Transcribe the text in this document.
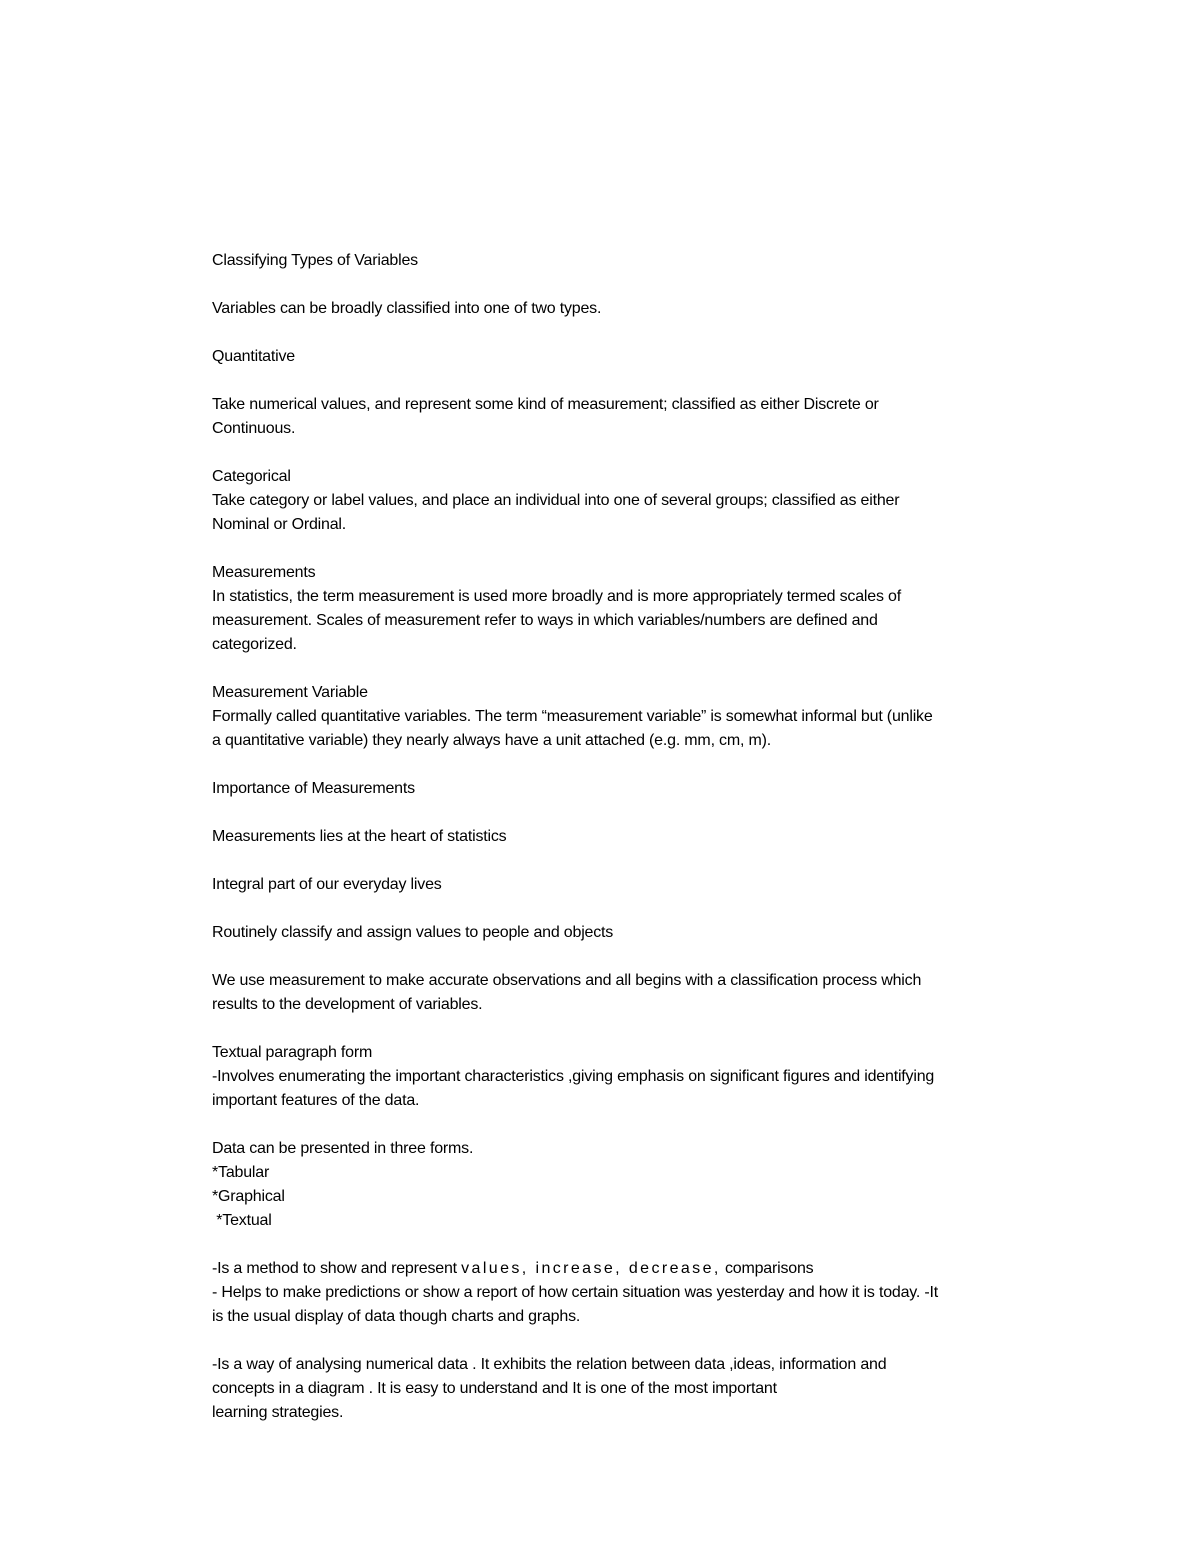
Classifying Types of Variables
Variables can be broadly classified into one of two types.
Quantitative
Take numerical values, and represent some kind of measurement; classified as either Discrete or
Continuous.
Categorical
Take category or label values, and place an individual into one of several groups; classified as either
Nominal or Ordinal.
Measurements
In statistics, the term measurement is used more broadly and is more appropriately termed scales of
measurement. Scales of measurement refer to ways in which variables/numbers are defined and
categorized.
Measurement Variable
Formally called quantitative variables. The term “measurement variable” is somewhat informal but (unlike
a quantitative variable) they nearly always have a unit attached (e.g. mm, cm, m).
Importance of Measurements
Measurements lies at the heart of statistics
Integral part of our everyday lives
Routinely classify and assign values to people and objects
We use measurement to make accurate observations and all begins with a classification process which
results to the development of variables.
Textual paragraph form
-Involves enumerating the important characteristics ,giving emphasis on significant figures and identifying
important features of the data.
Data can be presented in three forms.
*Tabular
*Graphical
*Textual
-Is a method to show and represent values, increase, decrease, comparisons
- Helps to make predictions or show a report of how certain situation was yesterday and how it is today. -It
is the usual display of data though charts and graphs.
-Is a way of analysing numerical data . It exhibits the relation between data ,ideas, information and
concepts in a diagram . It is easy to understand and It is one of the most important
learning strategies.
